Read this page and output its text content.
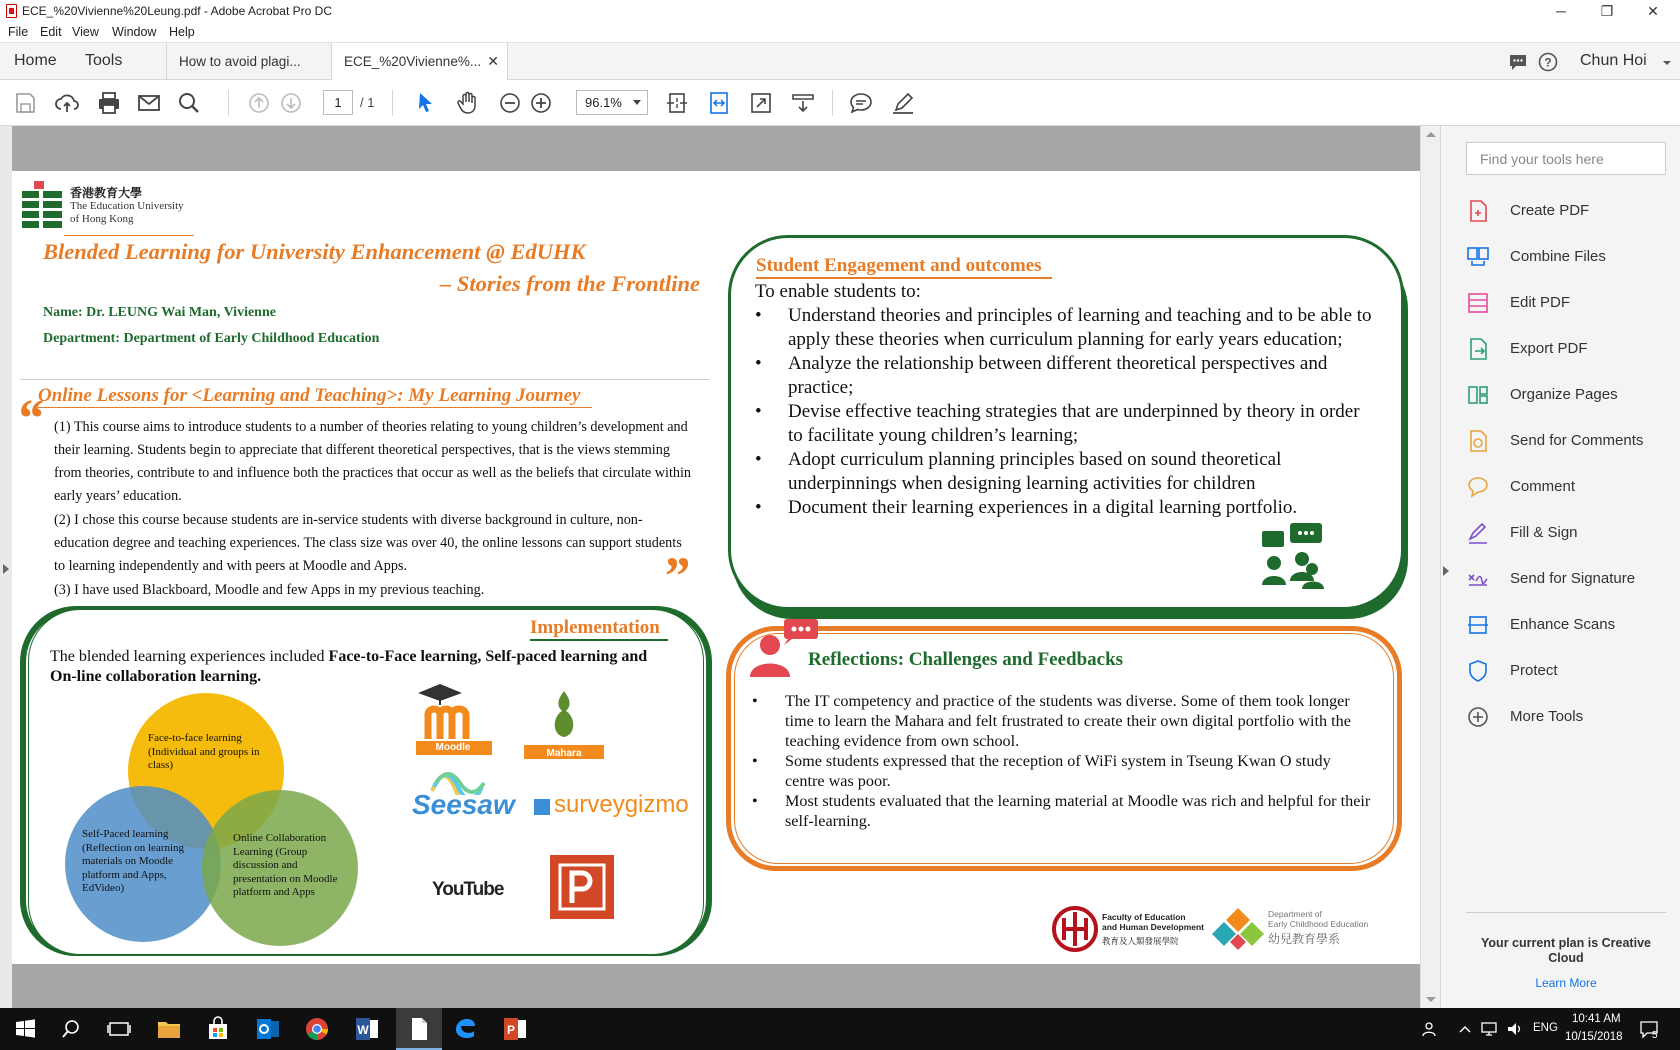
ECE_%20Vivienne%20Leung.pdf - Adobe Acrobat Pro DC	─	❐	✕
File Edit View Window Help
Home Tools	How to avoid plagi...	ECE_%20Vivienne%... ✕	? Chun Hoi
1	/ 1	96.1%
香港教育大學
The Education University
of Hong Kong
Blended Learning for University Enhancement @ EdUHK
– Stories from the Frontline
Name: Dr. LEUNG Wai Man, Vivienne
Department: Department of Early Childhood Education
Online Lessons for <Learning and Teaching>: My Learning Journey
“ (1) This course aims to introduce students to a number of theories relating to young children’s development and their learning. Students begin to appreciate that different theoretical perspectives, that is the views stemming from theories, contribute to and influence both the practices that occur as well as the beliefs that circulate within early years’ education.
(2) I chose this course because students are in-service students with diverse background in culture, non-education degree and teaching experiences. The class size was over 40, the online lessons can support students to learning independently and with peers at Moodle and Apps.
(3) I have used Blackboard, Moodle and few Apps in my previous teaching.	”
Implementation
The blended learning experiences included Face-to-Face learning, Self-paced learning and On-line collaboration learning.
Face-to-face learning (Individual and groups in class)
Self-Paced learning (Reflection on learning materials on Moodle platform and Apps, EdVideo)
Online Collaboration Learning (Group discussion and presentation on Moodle platform and Apps
Moodle
Mahara
Seesaw surveygizmo
YouTube
Student Engagement and outcomes
To enable students to:
• Understand theories and principles of learning and teaching and to be able to apply these theories when curriculum planning for early years education;
• Analyze the relationship between different theoretical perspectives and practice;
• Devise effective teaching strategies that are underpinned by theory in order to facilitate young children’s learning;
• Adopt curriculum planning principles based on sound theoretical underpinnings when designing learning activities for children
• Document their learning experiences in a digital learning portfolio.
Reflections: Challenges and Feedbacks
• The IT competency and practice of the students was diverse. Some of them took longer time to learn the Mahara and felt frustrated to create their own digital portfolio with the teaching evidence from own school.
• Some students expressed that the reception of WiFi system in Tseung Kwan O study centre was poor.
• Most students evaluated that the learning material at Moodle was rich and helpful for their self-learning.
Faculty of Education
and Human Development
教育及人類發展學院
Department of
Early Childhood Education
幼兒教育學系
Find your tools here
Create PDF
Combine Files
Edit PDF
Export PDF
Organize Pages
Send for Comments
Comment
Fill & Sign
Send for Signature
Enhance Scans
Protect
More Tools
Your current plan is Creative Cloud
Learn More
W	P	ENG
10:41 AM
10/15/2018	5
